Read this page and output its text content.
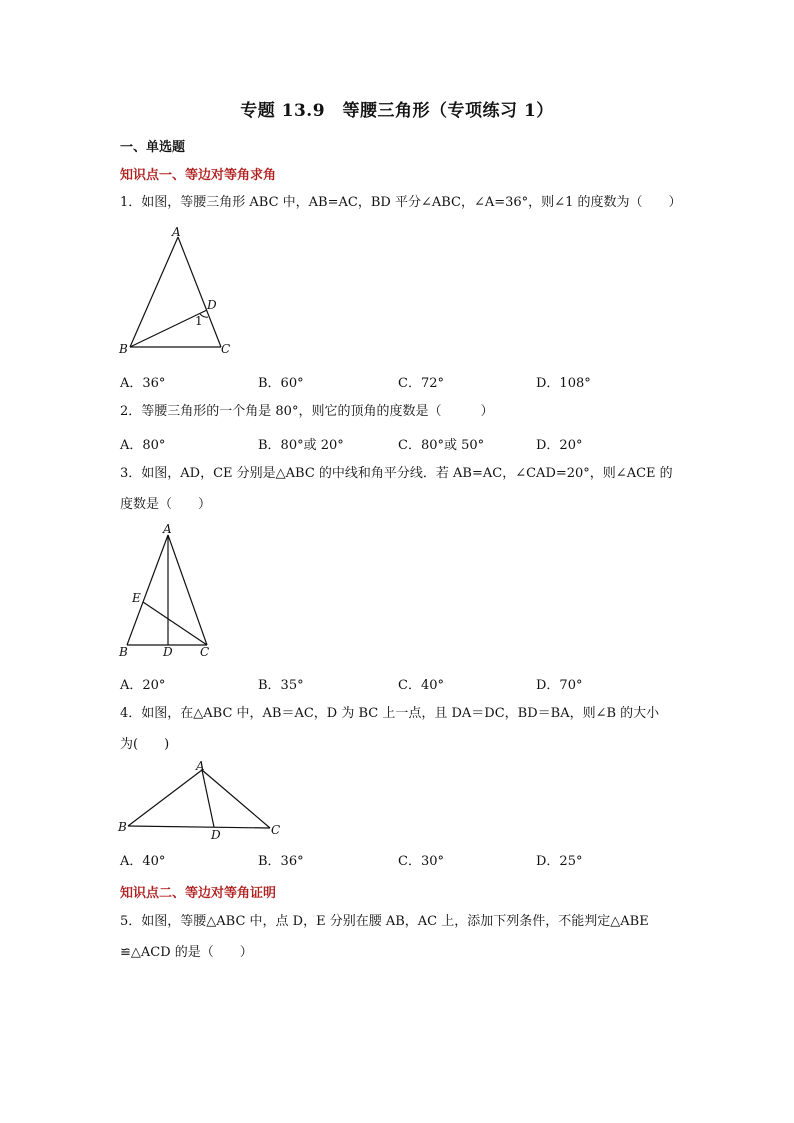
专题 13.9　等腰三角形（专项练习 1）
一、单选题
知识点一、等边对等角求角
1．如图，等腰三角形 ABC 中，AB=AC，BD 平分∠ABC，∠A=36°，则∠1 的度数为（　　）
A
B	C
D
1
A．36°	B．60°	C．72°	D．108°
2．等腰三角形的一个角是 80°，则它的顶角的度数是（　　　）
A．80°	B．80°或 20°	C．80°或 50°	D．20°
3．如图，AD，CE 分别是△ABC 的中线和角平分线．若 AB=AC，∠CAD=20°，则∠ACE 的
度数是（　　）
A
E
B	D C
A．20°	B．35°	C．40°	D．70°
4．如图，在△ABC 中，AB＝AC，D 为 BC 上一点，且 DA＝DC，BD＝BA，则∠B 的大小
为(　　)
A
B
D	C
A．40°	B．36°	C．30°	D．25°
知识点二、等边对等角证明
5．如图，等腰△ABC 中，点 D，E 分别在腰 AB，AC 上，添加下列条件，不能判定△ABE
≌△ACD 的是（　　）
